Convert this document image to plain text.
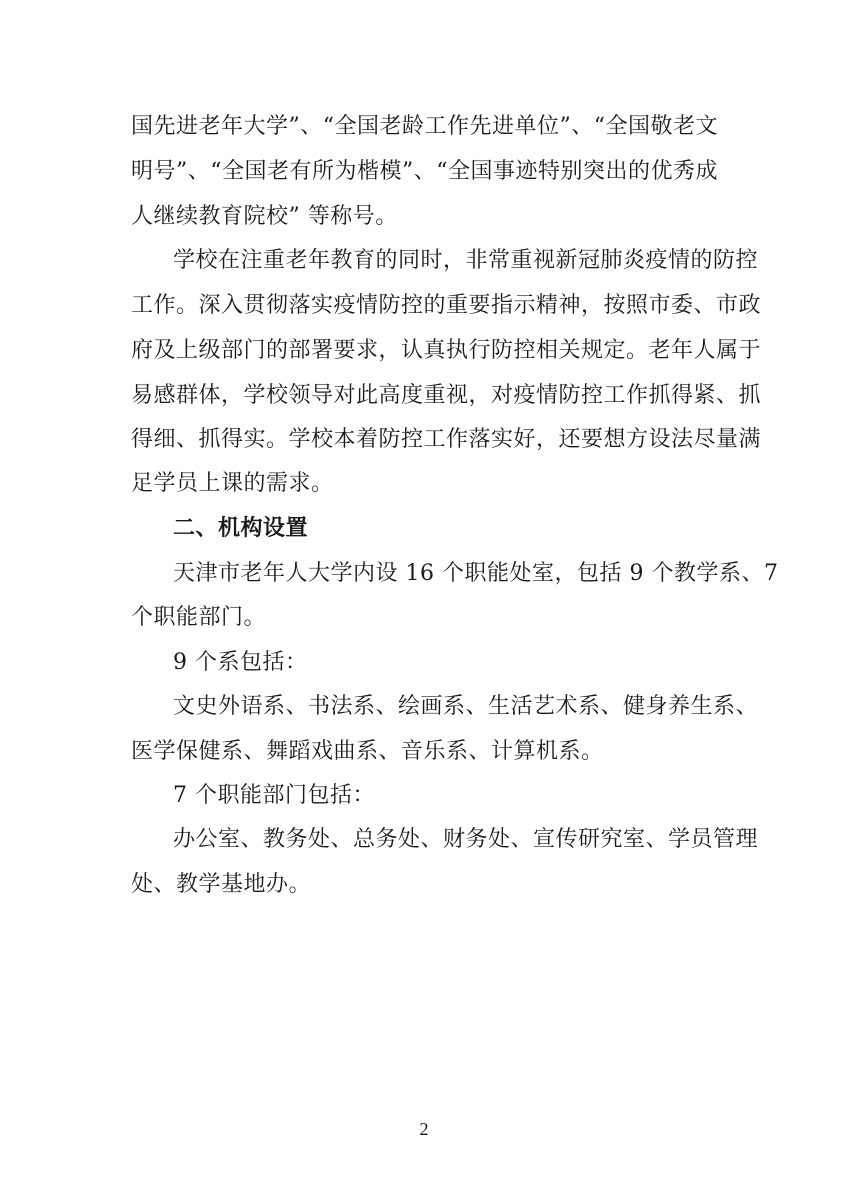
国先进老年大学”、“全国老龄工作先进单位”、“全国敬老文
明号”、“全国老有所为楷模”、“全国事迹特别突出的优秀成
人继续教育院校” 等称号。
学校在注重老年教育的同时，非常重视新冠肺炎疫情的防控
工作。深入贯彻落实疫情防控的重要指示精神，按照市委、市政
府及上级部门的部署要求，认真执行防控相关规定。老年人属于
易感群体，学校领导对此高度重视，对疫情防控工作抓得紧、抓
得细、抓得实。学校本着防控工作落实好，还要想方设法尽量满
足学员上课的需求。
二、机构设置
天津市老年人大学内设 16 个职能处室，包括 9 个教学系、7
个职能部门。
9 个系包括：
文史外语系、书法系、绘画系、生活艺术系、健身养生系、
医学保健系、舞蹈戏曲系、音乐系、计算机系。
7 个职能部门包括：
办公室、教务处、总务处、财务处、宣传研究室、学员管理
处、教学基地办。
2
